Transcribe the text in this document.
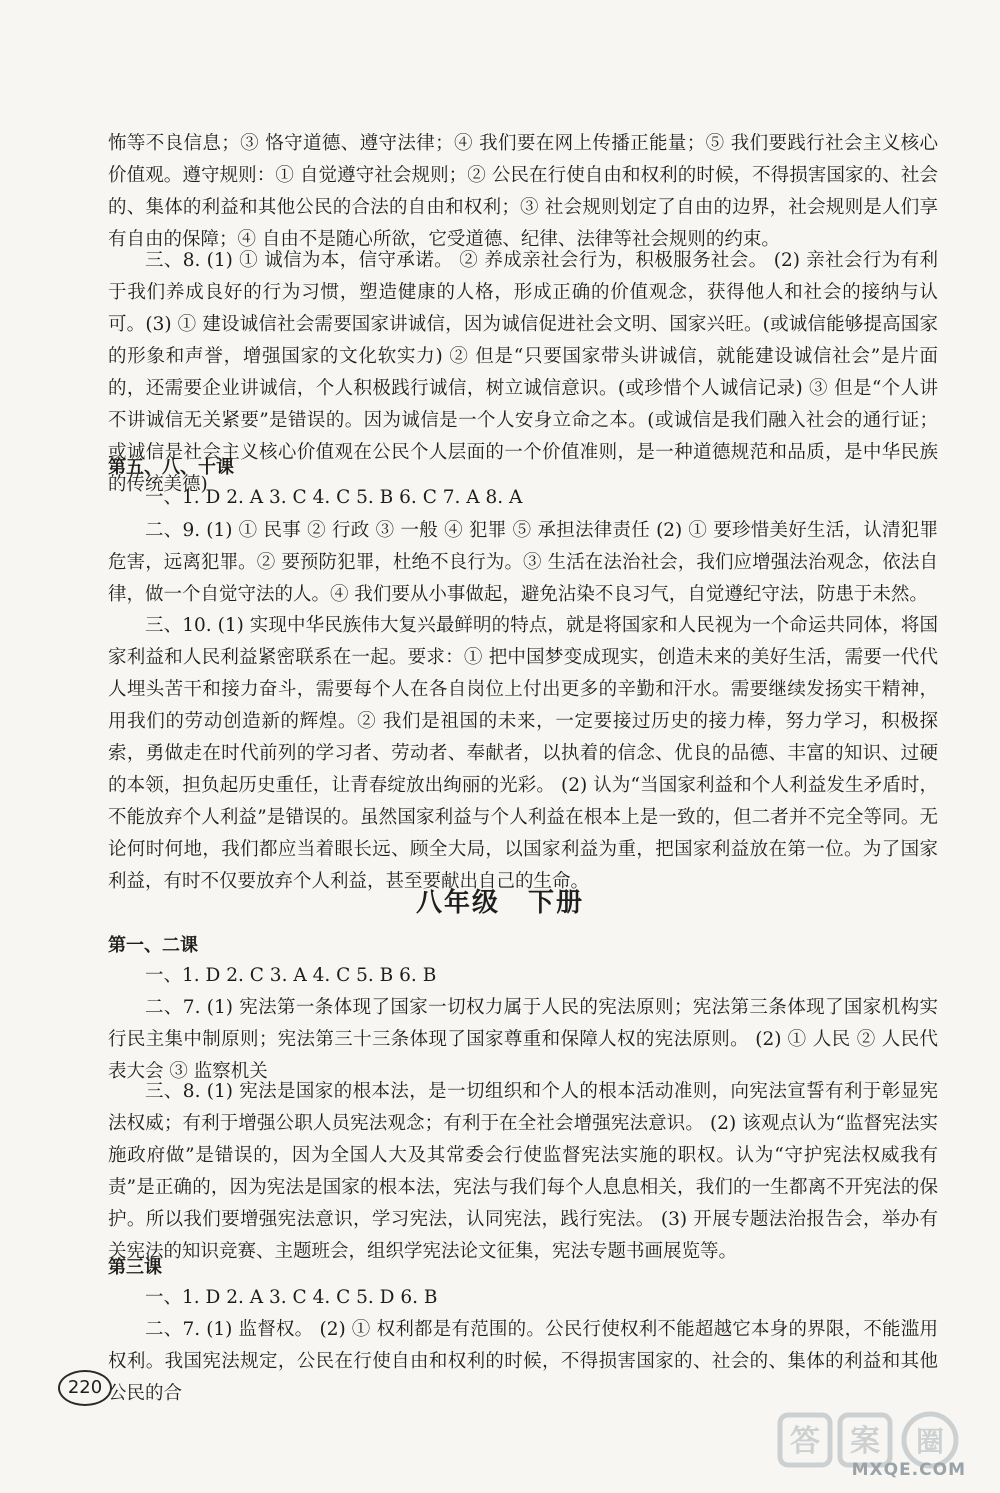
怖等不良信息；③ 恪守道德、遵守法律；④ 我们要在网上传播正能量；⑤ 我们要践行社会主义核心价值观。遵守规则：① 自觉遵守社会规则；② 公民在行使自由和权利的时候，不得损害国家的、社会的、集体的利益和其他公民的合法的自由和权利；③ 社会规则划定了自由的边界，社会规则是人们享有自由的保障；④ 自由不是随心所欲，它受道德、纪律、法律等社会规则的约束。

三、8. (1) ① 诚信为本，信守承诺。 ② 养成亲社会行为，积极服务社会。 (2) 亲社会行为有利于我们养成良好的行为习惯，塑造健康的人格，形成正确的价值观念，获得他人和社会的接纳与认可。(3) ① 建设诚信社会需要国家讲诚信，因为诚信促进社会文明、国家兴旺。(或诚信能够提高国家的形象和声誉，增强国家的文化软实力) ② 但是“只要国家带头讲诚信，就能建设诚信社会”是片面的，还需要企业讲诚信，个人积极践行诚信，树立诚信意识。(或珍惜个人诚信记录) ③ 但是“个人讲不讲诚信无关紧要”是错误的。因为诚信是一个人安身立命之本。(或诚信是我们融入社会的通行证；或诚信是社会主义核心价值观在公民个人层面的一个价值准则，是一种道德规范和品质，是中华民族的传统美德)

第五、八、十课

一、1. D 2. A 3. C 4. C 5. B 6. C 7. A 8. A

二、9. (1) ① 民事 ② 行政 ③ 一般 ④ 犯罪 ⑤ 承担法律责任 (2) ① 要珍惜美好生活，认清犯罪危害，远离犯罪。② 要预防犯罪，杜绝不良行为。③ 生活在法治社会，我们应增强法治观念，依法自律，做一个自觉守法的人。④ 我们要从小事做起，避免沾染不良习气，自觉遵纪守法，防患于未然。

三、10. (1) 实现中华民族伟大复兴最鲜明的特点，就是将国家和人民视为一个命运共同体，将国家利益和人民利益紧密联系在一起。要求：① 把中国梦变成现实，创造未来的美好生活，需要一代代人埋头苦干和接力奋斗，需要每个人在各自岗位上付出更多的辛勤和汗水。需要继续发扬实干精神，用我们的劳动创造新的辉煌。② 我们是祖国的未来，一定要接过历史的接力棒，努力学习，积极探索，勇做走在时代前列的学习者、劳动者、奉献者，以执着的信念、优良的品德、丰富的知识、过硬的本领，担负起历史重任，让青春绽放出绚丽的光彩。 (2) 认为“当国家利益和个人利益发生矛盾时，不能放弃个人利益”是错误的。虽然国家利益与个人利益在根本上是一致的，但二者并不完全等同。无论何时何地，我们都应当着眼长远、顾全大局，以国家利益为重，把国家利益放在第一位。为了国家利益，有时不仅要放弃个人利益，甚至要献出自己的生命。

八年级　下册
第一、二课

一、1. D 2. C 3. A 4. C 5. B 6. B

二、7. (1) 宪法第一条体现了国家一切权力属于人民的宪法原则；宪法第三条体现了国家机构实行民主集中制原则；宪法第三十三条体现了国家尊重和保障人权的宪法原则。 (2) ① 人民 ② 人民代表大会 ③ 监察机关

三、8. (1) 宪法是国家的根本法，是一切组织和个人的根本活动准则，向宪法宣誓有利于彰显宪法权威；有利于增强公职人员宪法观念；有利于在全社会增强宪法意识。 (2) 该观点认为“监督宪法实施政府做”是错误的，因为全国人大及其常委会行使监督宪法实施的职权。认为“守护宪法权威我有责”是正确的，因为宪法是国家的根本法，宪法与我们每个人息息相关，我们的一生都离不开宪法的保护。所以我们要增强宪法意识，学习宪法，认同宪法，践行宪法。 (3) 开展专题法治报告会，举办有关宪法的知识竞赛、主题班会，组织学宪法论文征集，宪法专题书画展览等。

第三课

一、1. D 2. A 3. C 4. C 5. D 6. B

二、7. (1) 监督权。 (2) ① 权利都是有范围的。公民行使权利不能超越它本身的界限，不能滥用权利。我国宪法规定，公民在行使自由和权利的时候，不得损害国家的、社会的、集体的利益和其他公民的合

220
答 案 圈
MXQE.COM
